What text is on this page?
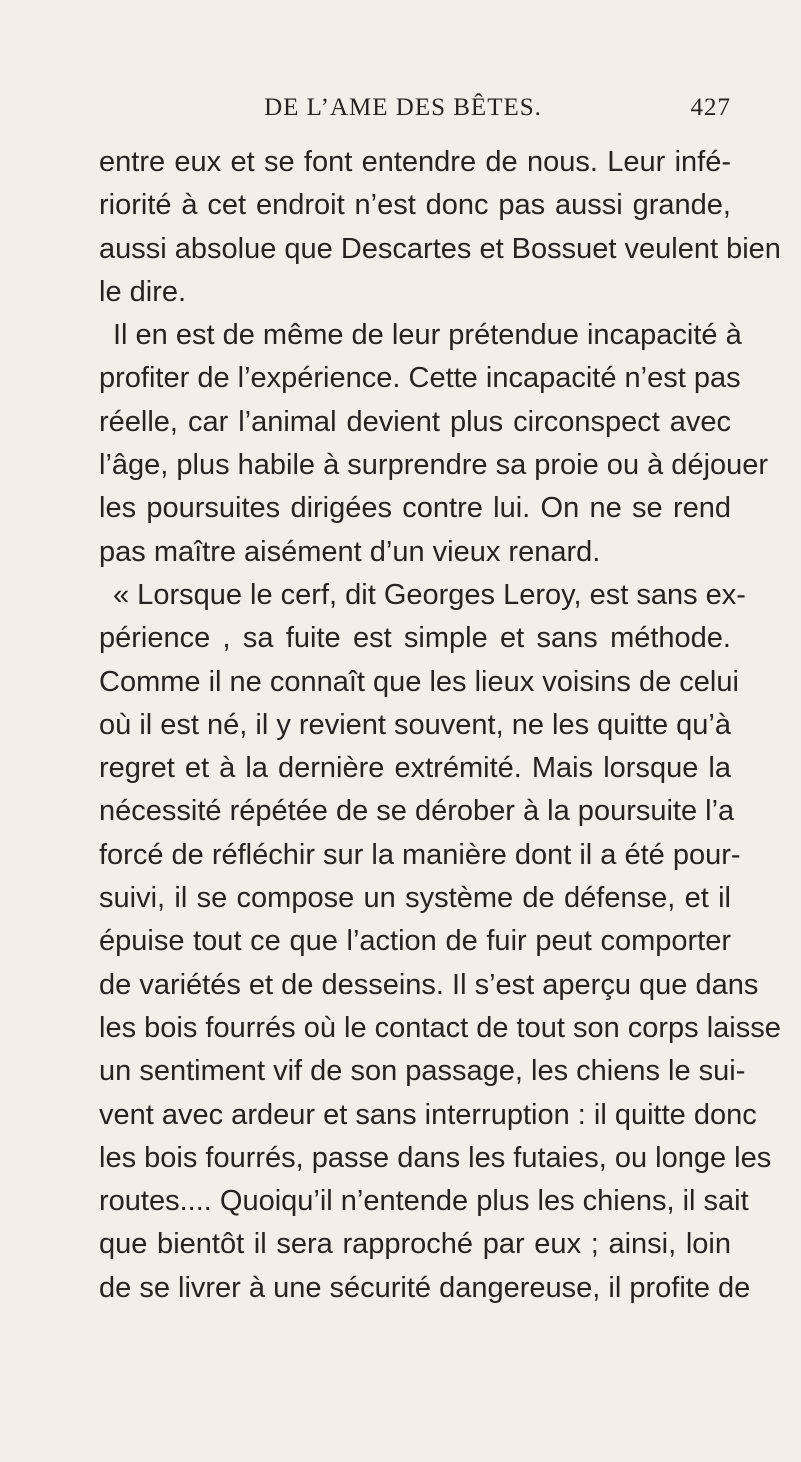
DE L’AME DES BÊTES.	427
entre eux et se font entendre de nous. Leur infé-
riorité à cet endroit n’est donc pas aussi grande,
aussi absolue que Descartes et Bossuet veulent bien
le dire.
Il en est de même de leur prétendue incapacité à
profiter de l’expérience. Cette incapacité n’est pas
réelle, car l’animal devient plus circonspect avec
l’âge, plus habile à surprendre sa proie ou à déjouer
les poursuites dirigées contre lui. On ne se rend
pas maître aisément d’un vieux renard.
« Lorsque le cerf, dit Georges Leroy, est sans ex-
périence , sa fuite est simple et sans méthode.
Comme il ne connaît que les lieux voisins de celui
où il est né, il y revient souvent, ne les quitte qu’à
regret et à la dernière extrémité. Mais lorsque la
nécessité répétée de se dérober à la poursuite l’a
forcé de réfléchir sur la manière dont il a été pour-
suivi, il se compose un système de défense, et il
épuise tout ce que l’action de fuir peut comporter
de variétés et de desseins. Il s’est aperçu que dans
les bois fourrés où le contact de tout son corps laisse
un sentiment vif de son passage, les chiens le sui-
vent avec ardeur et sans interruption : il quitte donc
les bois fourrés, passe dans les futaies, ou longe les
routes.... Quoiqu’il n’entende plus les chiens, il sait
que bientôt il sera rapproché par eux ; ainsi, loin
de se livrer à une sécurité dangereuse, il profite de
